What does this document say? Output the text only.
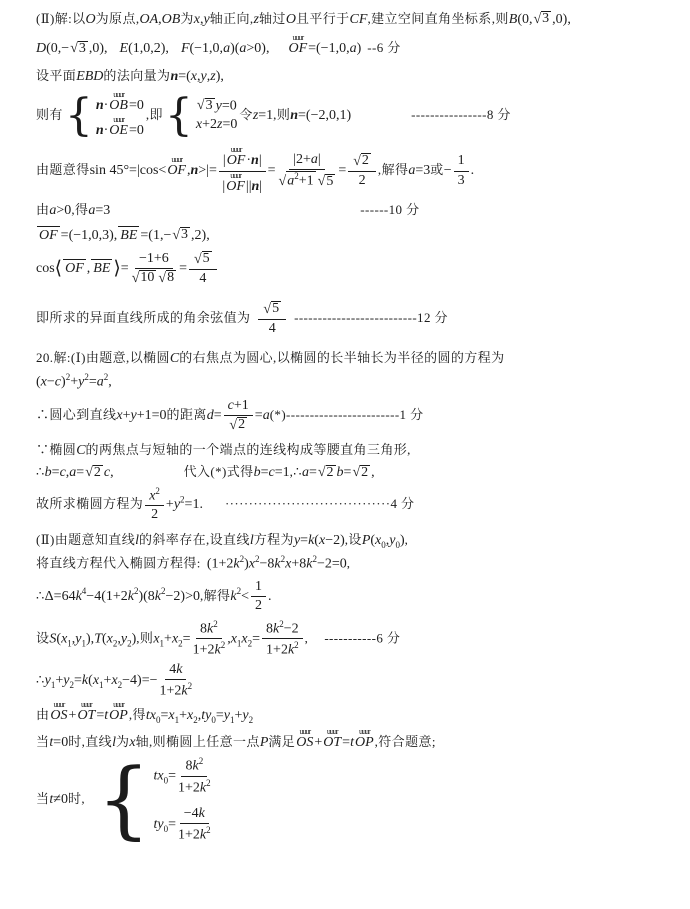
(Ⅱ)解:以O为原点,OA,OB为x,y轴正向,z轴过O且平行于CF,建立空间直角坐标系,则B(0, √ 3 ,0),
D(0,− √ 3 ,0), E(1,0,2), F(−1,0,a)(a>0),
uuur
OF =(−1,0,a) --6 分
设平面EBD的法向量为n=(x,y,z),
则有 { n·
uuur
OB =0
n·
uuur
OE =0
,即 { √ 3 y=0
x+2z=0
令z=1,则n=(−2,0,1)	----------------8 分
由题意得sin 45°=|cos<
uuur
OF ,n>|= |
uuur
OF ·n|
|
uuur
OF $||n| = \frac{|2+a|}{√ a^2+1 √ 5} = \frac{√ 2}{2}$ ,解得a=3或− $\frac{1}{3}$ .
由a>0,得a=3	------10 分
OF =(−1,0,3), BE =(1,− √ 3 ,2),
cos⟨ OF , BE ⟩= $\frac{-1+6}{√ 10 √ 8} = \frac{√ 5}{4}$
即所求的异面直线所成的角余弦值为 $\frac{√ 5}{4} --------------------------12$ 分
20.解:(Ⅰ)由题意,以椭圆C的右焦点为圆心,以椭圆的长半轴长为半径的圆的方程为
$(x-c)^2+y^2=a^2$,
∴圆心到直线x+y+1=0的距离$d= \frac{c+1}{√ 2} =a(*)------------------------1$ 分
∵椭圆C的两焦点与短轴的一个端点的连线构成等腰直角三角形,
∴b=c,a= √ 2 c,	代入(*)式得b=c=1,∴a= √ 2 b= √ 2 ,
故所求椭圆方程为 $\frac{x^2}{2} +y^2=1$. ···································4 分
(Ⅱ)由题意知直线l的斜率存在,设直线l方程为y=k(x−2),设$P(x_0,y_0)$,
将直线方程代入椭圆方程得: $(1+2k^2)x^2-8k^2x+8k^2-2=0$,
$\therefore\Delta=64k^4-4(1+2k^2)(8k^2-2)>0$,解得$k^2< \frac{1}{2}$ .
设$S(x_1,y_1),T(x_2,y_2)$,则$x_1+x_2= \frac{8k^2}{1+2k^2} ,x_1x_2= \frac{8k^2-2}{1+2k^2}$ , -----------6 分
$\therefore y_1+y_2=k(x_1+x_2-4)=- \frac{4k}{1+2k^2}$
由
uuur
OS +
uuur
OT =t
uuur
OP ,得$tx_0=x_1+x_2,ty_0=y_1+y_2$
当t=0时,直线l为x轴,则椭圆上任意一点P满足
uuur
OS +
uuur
OT =t
uuur
OP ,符合题意;
当t≠0时, { $tx_0= \frac{8k^2}{1+2k^2}$
$ty_0= \frac{-4k}{1+2k^2}$
